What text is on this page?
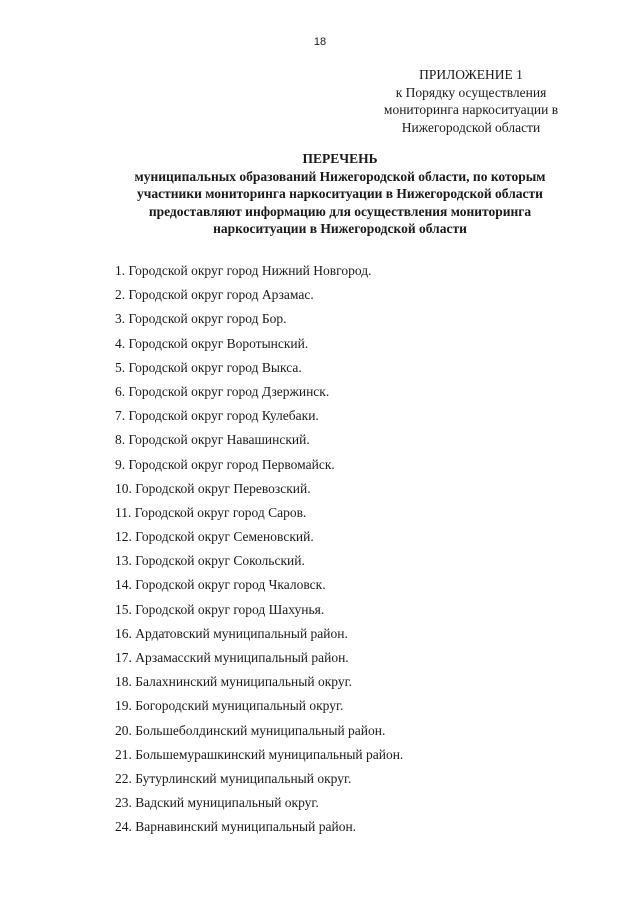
18
ПРИЛОЖЕНИЕ 1
к Порядку осуществления
мониторинга наркоситуации в
Нижегородской области
ПЕРЕЧЕНЬ
муниципальных образований Нижегородской области, по которым
участники мониторинга наркоситуации в Нижегородской области
предоставляют информацию для осуществления мониторинга
наркоситуации в Нижегородской области
1. Городской округ город Нижний Новгород.
2. Городской округ город Арзамас.
3. Городской округ город Бор.
4. Городской округ Воротынский.
5. Городской округ город Выкса.
6. Городской округ город Дзержинск.
7. Городской округ город Кулебаки.
8. Городской округ Навашинский.
9. Городской округ город Первомайск.
10. Городской округ Перевозский.
11. Городской округ город Саров.
12. Городской округ Семеновский.
13. Городской округ Сокольский.
14. Городской округ город Чкаловск.
15. Городской округ город Шахунья.
16. Ардатовский муниципальный район.
17. Арзамасский муниципальный район.
18. Балахнинский муниципальный округ.
19. Богородский муниципальный округ.
20. Большеболдинский муниципальный район.
21. Большемурашкинский муниципальный район.
22. Бутурлинский муниципальный округ.
23. Вадский муниципальный округ.
24. Варнавинский муниципальный район.
